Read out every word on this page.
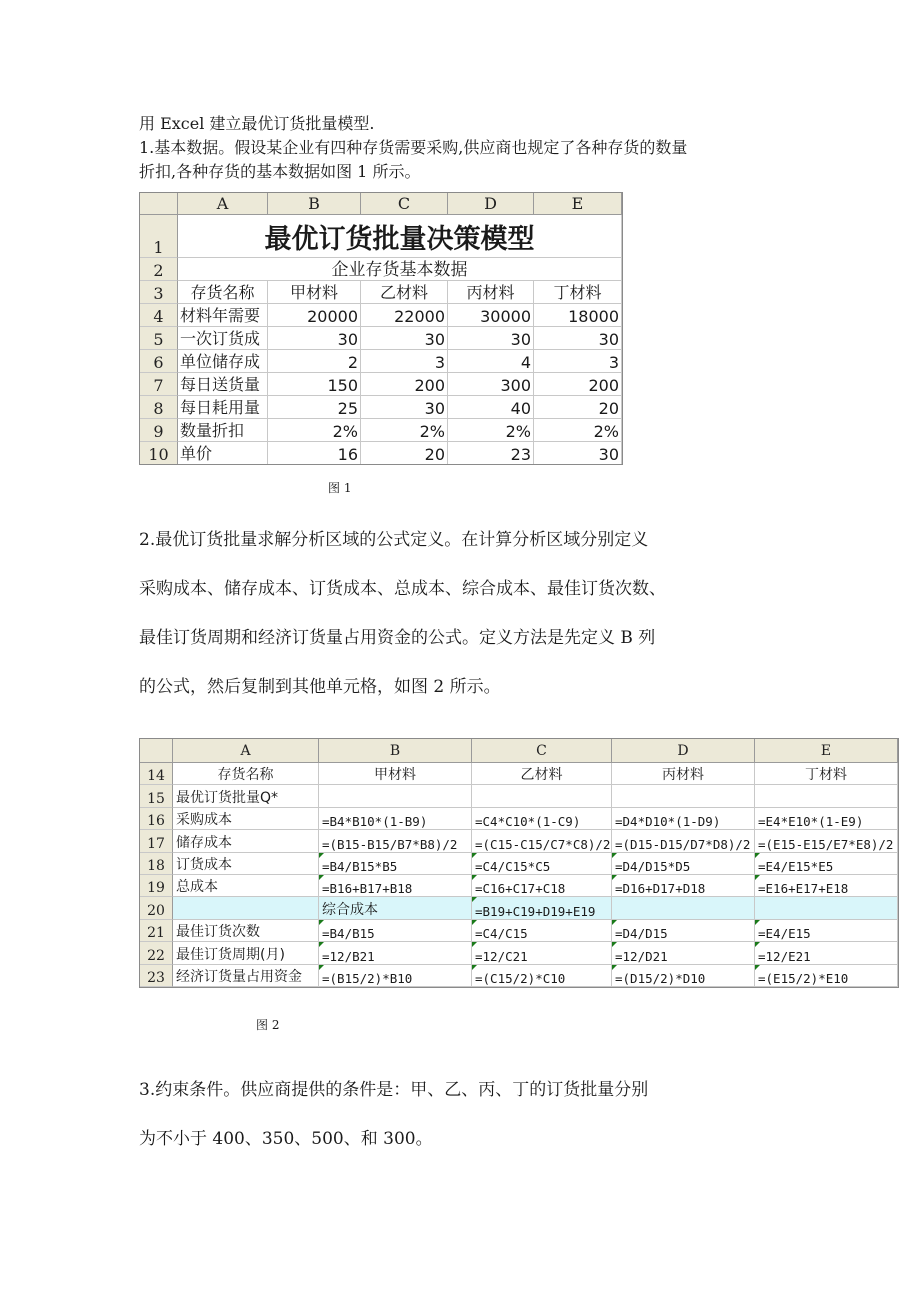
用 Excel 建立最优订货批量模型.

1.基本数据。假设某企业有四种存货需要采购,供应商也规定了各种存货的数量

折扣,各种存货的基本数据如图 1 所示。

A	B	C	D	E
1	最优订货批量决策模型
2	企业存货基本数据
3	存货名称	甲材料	乙材料	丙材料	丁材料
4	材料年需要	20000	22000	30000	18000
5	一次订货成	30	30	30	30
6	单位储存成	2	3	4	3
7	每日送货量	150	200	300	200
8	每日耗用量	25	30	40	20
9	数量折扣	2%	2%	2%	2%
10 单价	16	20	23	30
图 1

2.最优订货批量求解分析区域的公式定义。在计算分析区域分别定义

采购成本、储存成本、订货成本、总成本、综合成本、最佳订货次数、

最佳订货周期和经济订货量占用资金的公式。定义方法是先定义 B 列

的公式，然后复制到其他单元格，如图 2 所示。

A	B	C	D	E
14	存货名称	甲材料	乙材料	丙材料	丁材料
15 最优订货批量Q*
16 采购成本	=B4*B10*(1-B9)	=C4*C10*(1-C9)	=D4*D10*(1-D9)	=E4*E10*(1-E9)
17 储存成本	=(B15-B15/B7*B8)/2	=(C15-C15/C7*C8)/2 =(D15-D15/D7*D8)/2 =(E15-E15/E7*E8)/2
18 订货成本	=B4/B15*B5	=C4/C15*C5	=D4/D15*D5	=E4/E15*E5
19 总成本	=B16+B17+B18	=C16+C17+C18	=D16+D17+D18	=E16+E17+E18
20	综合成本	=B19+C19+D19+E19
21 最佳订货次数	=B4/B15	=C4/C15	=D4/D15	=E4/E15
22 最佳订货周期(月)	=12/B21	=12/C21	=12/D21	=12/E21
23 经济订货量占用资金	=(B15/2)*B10	=(C15/2)*C10	=(D15/2)*D10	=(E15/2)*E10
图 2

3.约束条件。供应商提供的条件是：甲、乙、丙、丁的订货批量分别

为不小于 400、350、500、和 300。
